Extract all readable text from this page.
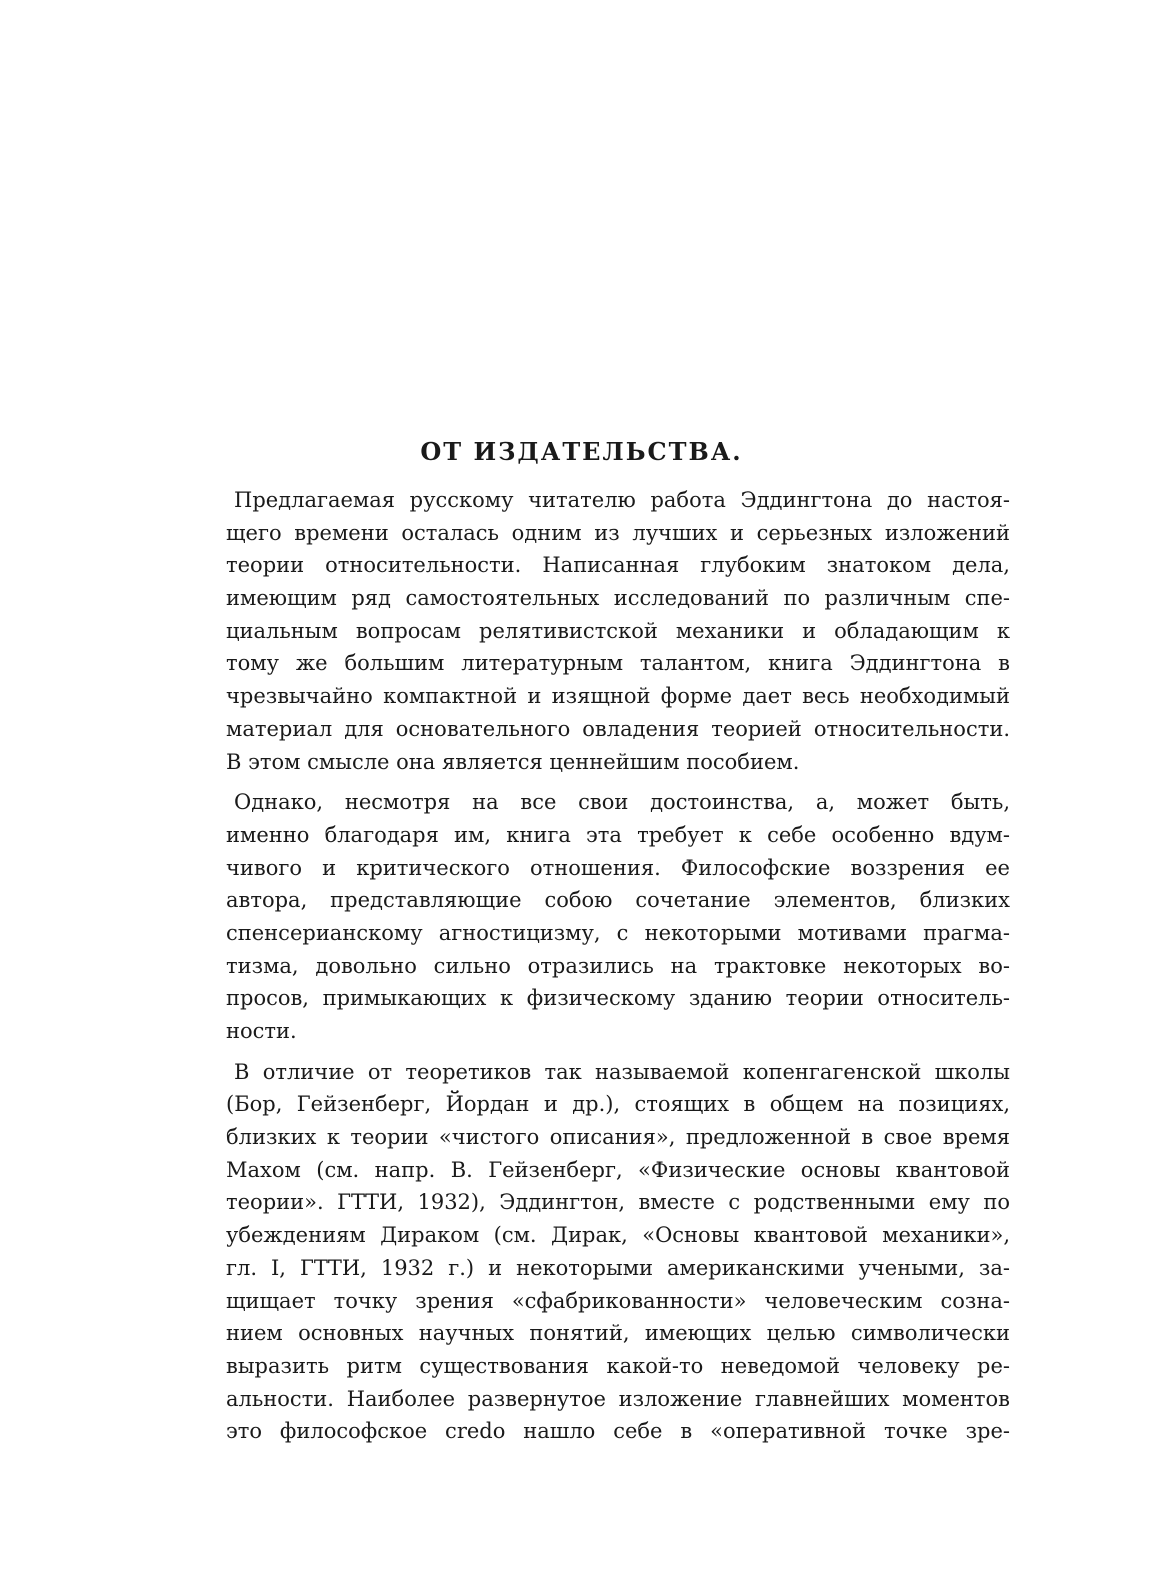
ОТ ИЗДАТЕЛЬСТВА.

Предлагаемая русскому читателю работа Эддингтона до настоя-
щего времени осталась одним из лучших и серьезных изложений
теории относительности. Написанная глубоким знатоком дела,
имеющим ряд самостоятельных исследований по различным спе-
циальным вопросам релятивистской механики и обладающим к
тому же большим литературным талантом, книга Эддингтона в
чрезвычайно компактной и изящной форме дает весь необходимый
материал для основательного овладения теорией относительности.
В этом смысле она является ценнейшим пособием.

Однако, несмотря на все свои достоинства, а, может быть,
именно благодаря им, книга эта требует к себе особенно вдум-
чивого и критического отношения. Философские воззрения ее
автора, представляющие собою сочетание элементов, близких
спенсерианскому агностицизму, с некоторыми мотивами прагма-
тизма, довольно сильно отразились на трактовке некоторых во-
просов, примыкающих к физическому зданию теории относитель-
ности.

В отличие от теоретиков так называемой копенгагенской школы
(Бор, Гейзенберг, Йордан и др.), стоящих в общем на позициях,
близких к теории «чистого описания», предложенной в свое время
Махом (см. напр. В. Гейзенберг, «Физические основы квантовой
теории». ГТТИ, 1932), Эддингтон, вместе с родственными ему по
убеждениям Дираком (см. Дирак, «Основы квантовой механики»,
гл. I, ГТТИ, 1932 г.) и некоторыми американскими учеными, за-
щищает точку зрения «сфабрикованности» человеческим созна-
нием основных научных понятий, имеющих целью символически
выразить ритм существования какой-то неведомой человеку ре-
альности. Наиболее развернутое изложение главнейших моментов
это философское credo нашло себе в «оперативной точке зре-
